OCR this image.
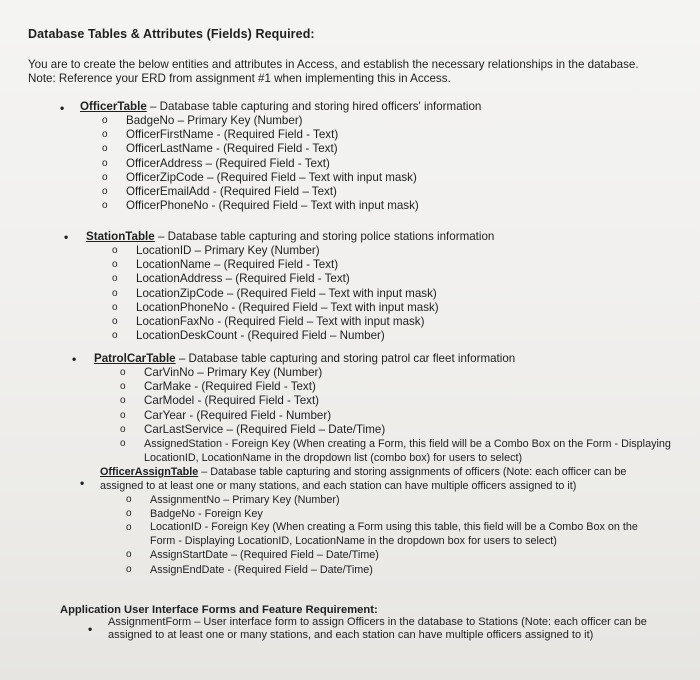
Database Tables & Attributes (Fields) Required:
You are to create the below entities and attributes in Access, and establish the necessary relationships in the database.
Note: Reference your ERD from assignment #1 when implementing this in Access.
• OfficerTable – Database table capturing and storing hired officers' information
o BadgeNo – Primary Key (Number)
o OfficerFirstName - (Required Field - Text)
o OfficerLastName - (Required Field - Text)
o OfficerAddress – (Required Field - Text)
o OfficerZipCode – (Required Field – Text with input mask)
o OfficerEmailAdd - (Required Field – Text)
o OfficerPhoneNo - (Required Field – Text with input mask)
• StationTable – Database table capturing and storing police stations information
o LocationID – Primary Key (Number)
o LocationName – (Required Field - Text)
o LocationAddress – (Required Field - Text)
o LocationZipCode – (Required Field – Text with input mask)
o LocationPhoneNo - (Required Field – Text with input mask)
o LocationFaxNo - (Required Field – Text with input mask)
o LocationDeskCount - (Required Field – Number)
• PatrolCarTable – Database table capturing and storing patrol car fleet information
o CarVinNo – Primary Key (Number)
o CarMake - (Required Field - Text)
o CarModel - (Required Field - Text)
o CarYear - (Required Field - Number)
o CarLastService – (Required Field – Date/Time)
o AssignedStation - Foreign Key (When creating a Form, this field will be a Combo Box on the Form - Displaying LocationID, LocationName in the dropdown list (combo box) for users to select)
•
OfficerAssignTable – Database table capturing and storing assignments of officers (Note: each officer can be assigned to at least one or many stations, and each station can have multiple officers assigned to it)
o AssignmentNo – Primary Key (Number)
o BadgeNo - Foreign Key
o LocationID - Foreign Key (When creating a Form using this table, this field will be a Combo Box on the Form - Displaying LocationID, LocationName in the dropdown box for users to select)
o AssignStartDate – (Required Field – Date/Time)
o AssignEndDate - (Required Field – Date/Time)
Application User Interface Forms and Feature Requirement:
• AssignmentForm – User interface form to assign Officers in the database to Stations (Note: each officer can be assigned to at least one or many stations, and each station can have multiple officers assigned to it)
